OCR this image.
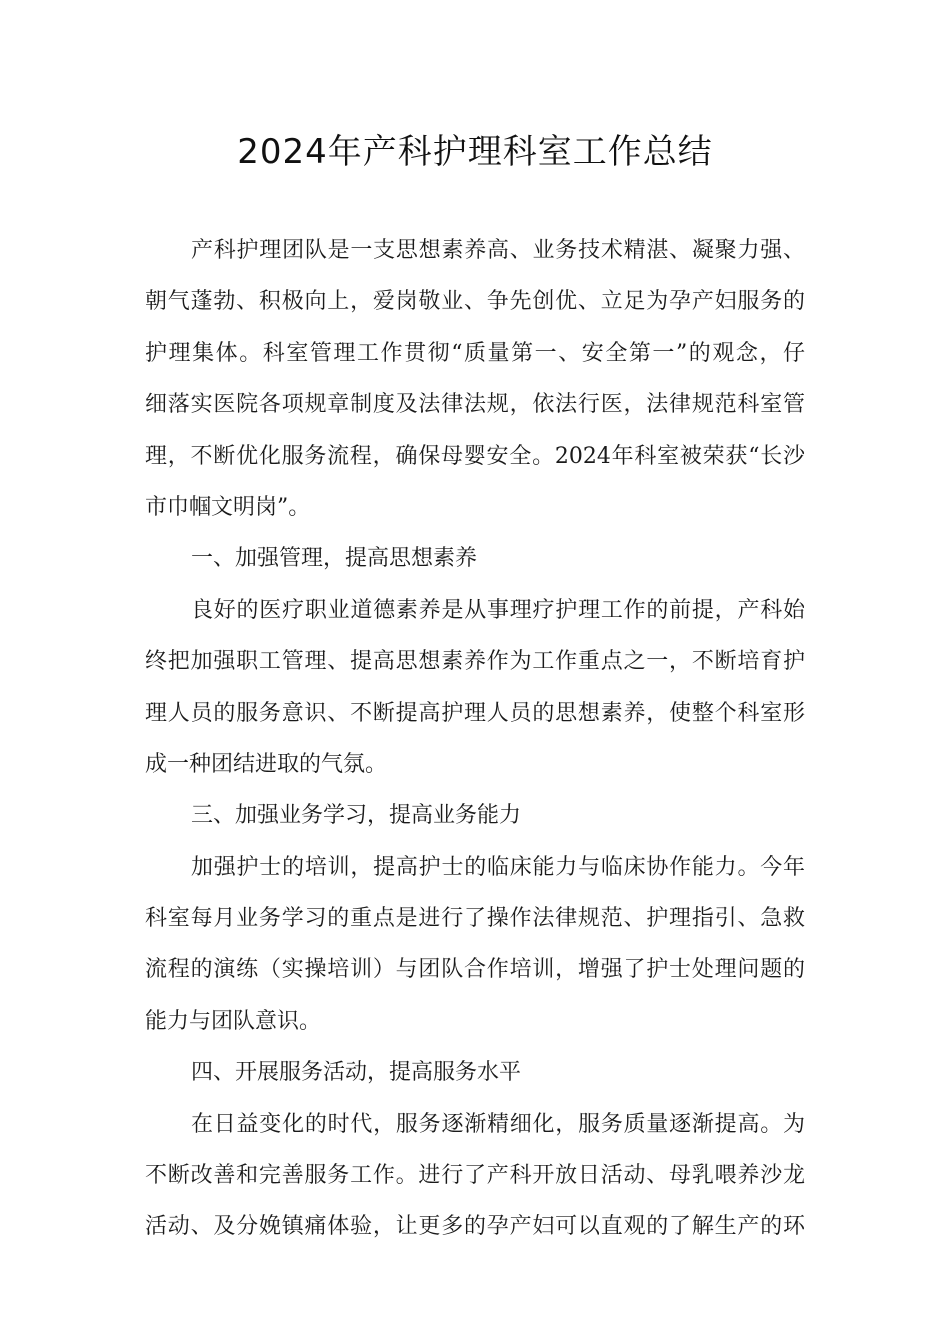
2024年产科护理科室工作总结
产科护理团队是一支思想素养高、业务技术精湛、凝聚力强、
朝气蓬勃、积极向上，爱岗敬业、争先创优、立足为孕产妇服务的
护理集体。科室管理工作贯彻“质量第一、安全第一”的观念，仔
细落实医院各项规章制度及法律法规，依法行医，法律规范科室管
理，不断优化服务流程，确保母婴安全。2024年科室被荣获“长沙
市巾帼文明岗”。
一、加强管理，提高思想素养
良好的医疗职业道德素养是从事理疗护理工作的前提，产科始
终把加强职工管理、提高思想素养作为工作重点之一，不断培育护
理人员的服务意识、不断提高护理人员的思想素养，使整个科室形
成一种团结进取的气氛。
三、加强业务学习，提高业务能力
加强护士的培训，提高护士的临床能力与临床协作能力。今年
科室每月业务学习的重点是进行了操作法律规范、护理指引、急救
流程的演练（实操培训）与团队合作培训，增强了护士处理问题的
能力与团队意识。
四、开展服务活动，提高服务水平
在日益变化的时代，服务逐渐精细化，服务质量逐渐提高。为
不断改善和完善服务工作。进行了产科开放日活动、母乳喂养沙龙
活动、及分娩镇痛体验，让更多的孕产妇可以直观的了解生产的环
